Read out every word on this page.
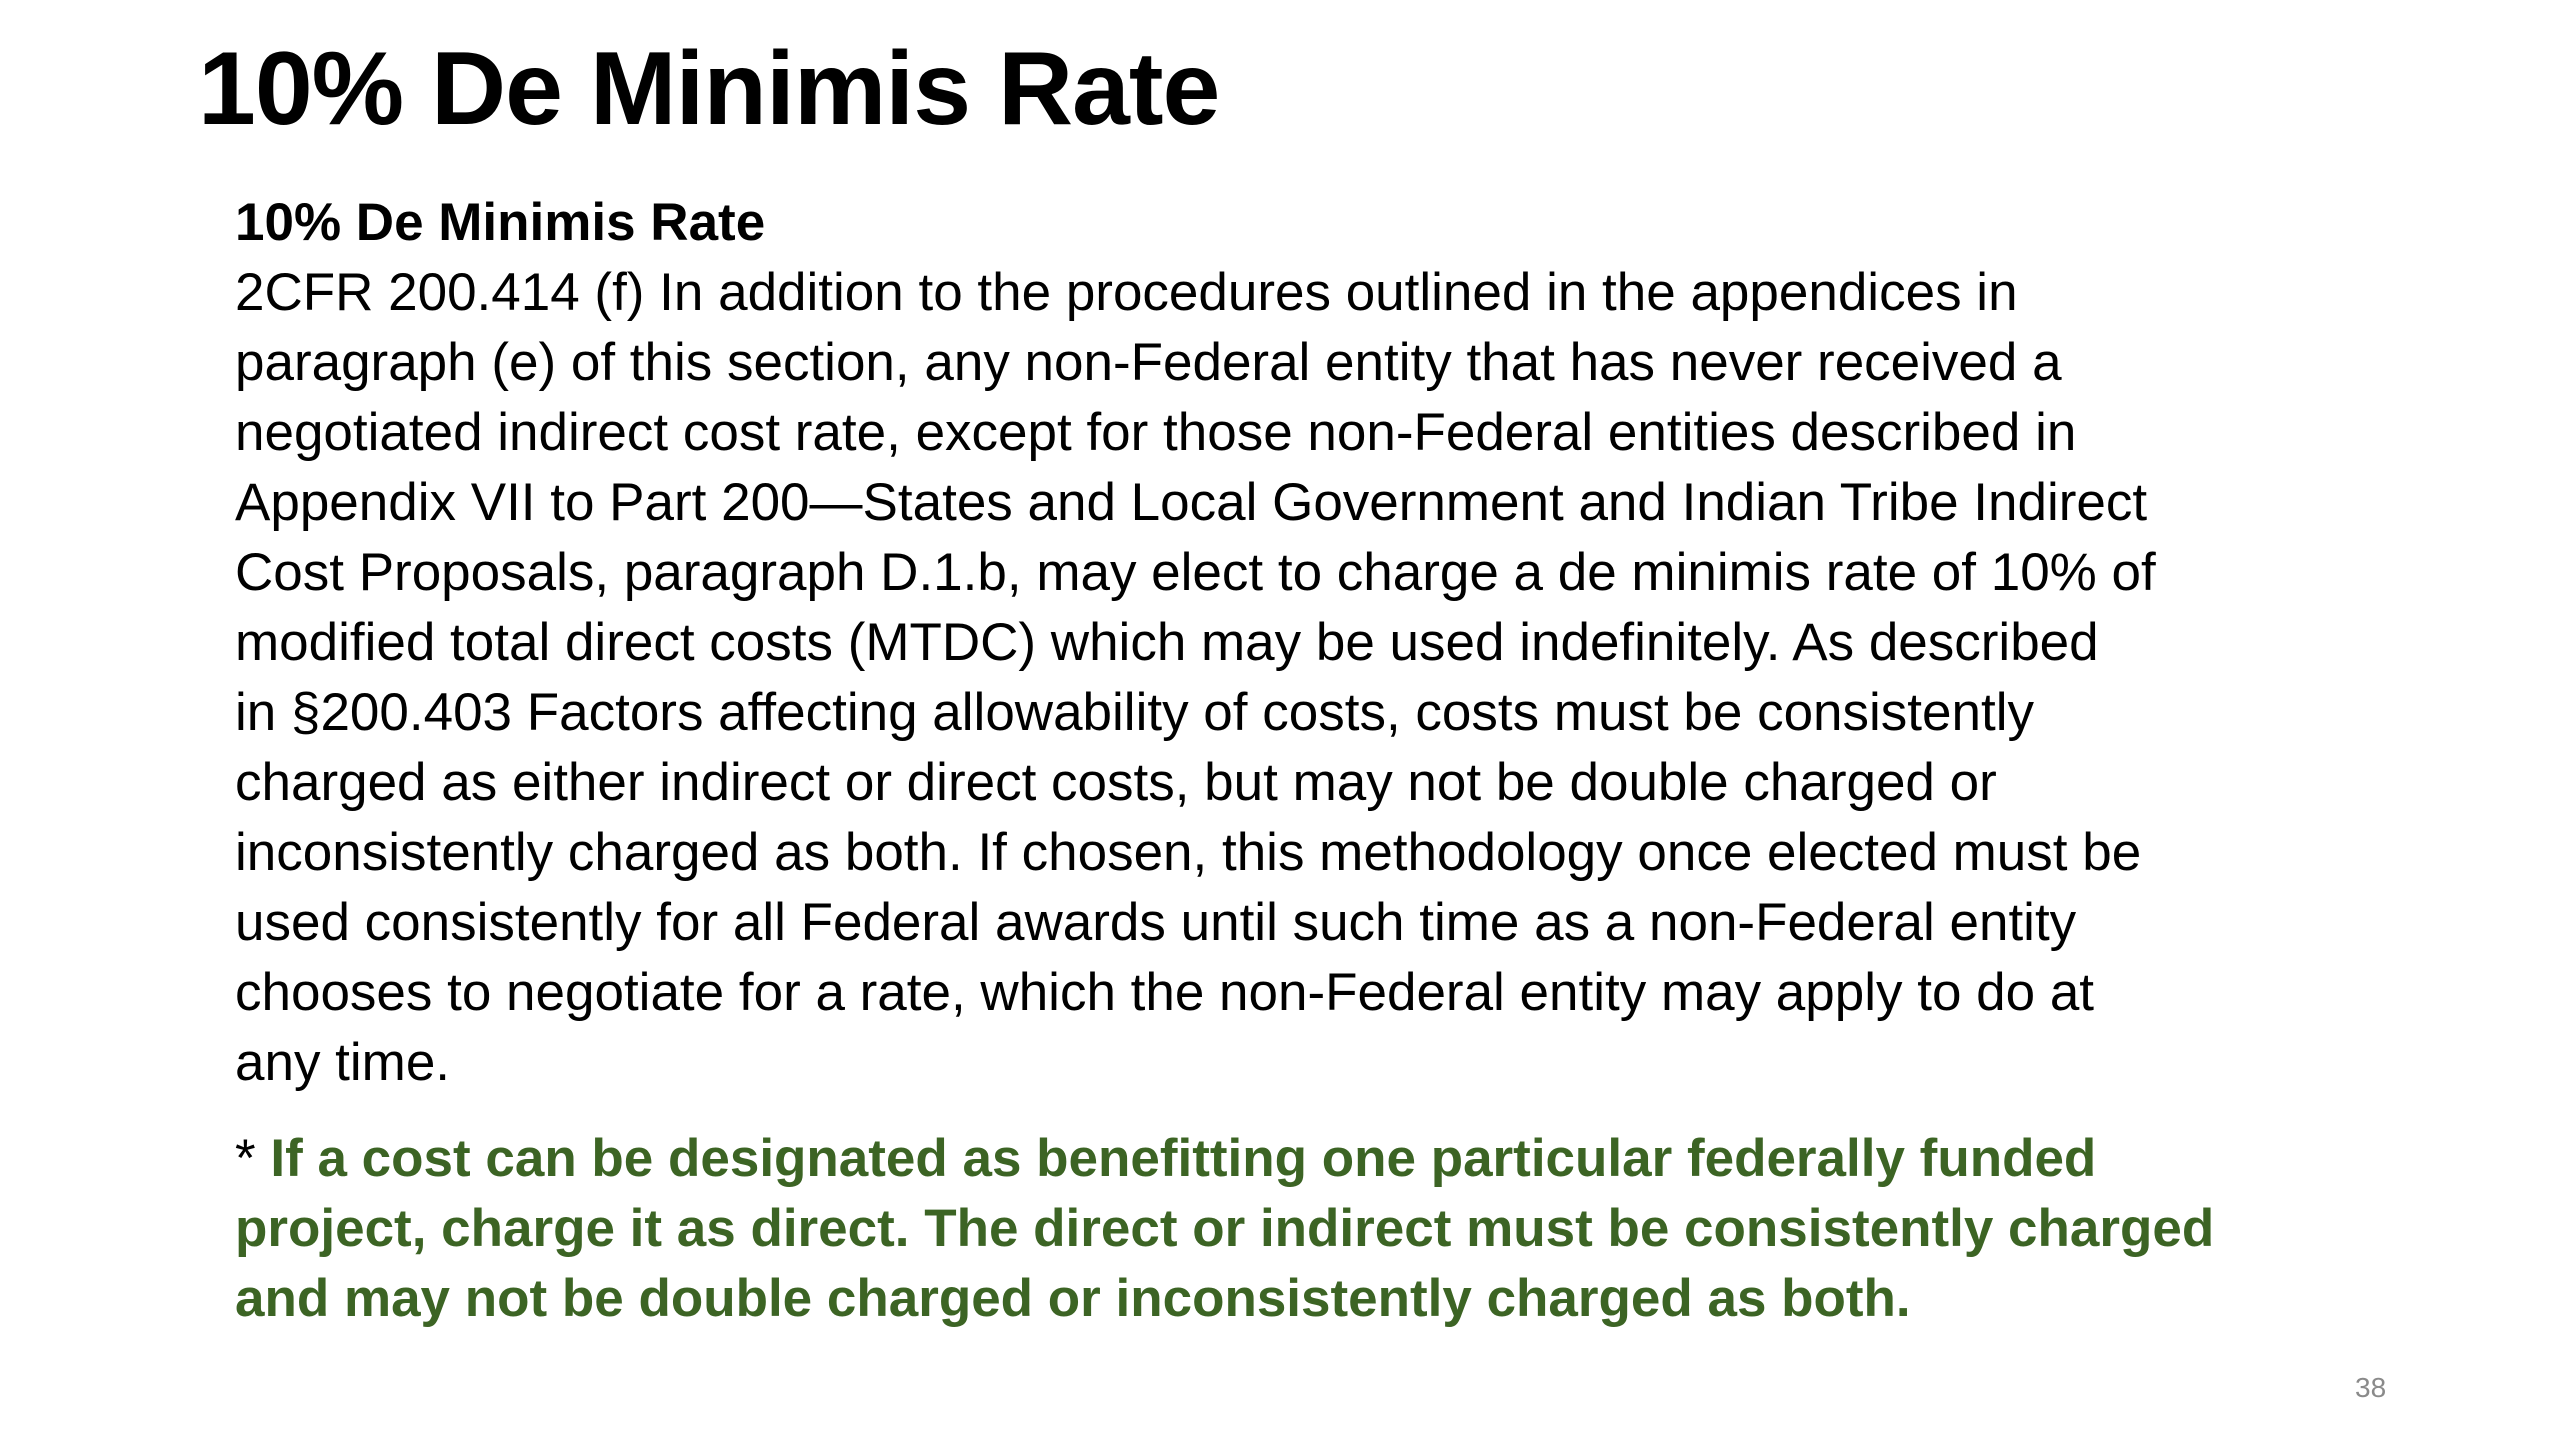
10% De Minimis Rate

10% De Minimis Rate

2CFR 200.414 (f) In addition to the procedures outlined in the appendices in

paragraph (e) of this section, any non-Federal entity that has never received a

negotiated indirect cost rate, except for those non-Federal entities described in

Appendix VII to Part 200—States and Local Government and Indian Tribe Indirect

Cost Proposals, paragraph D.1.b, may elect to charge a de minimis rate of 10% of

modified total direct costs (MTDC) which may be used indefinitely. As described

in §200.403 Factors affecting allowability of costs, costs must be consistently

charged as either indirect or direct costs, but may not be double charged or

inconsistently charged as both. If chosen, this methodology once elected must be

used consistently for all Federal awards until such time as a non-Federal entity

chooses to negotiate for a rate, which the non-Federal entity may apply to do at

any time.

* If a cost can be designated as benefitting one particular federally funded

project, charge it as direct. The direct or indirect must be consistently charged

and may not be double charged or inconsistently charged as both.

38
